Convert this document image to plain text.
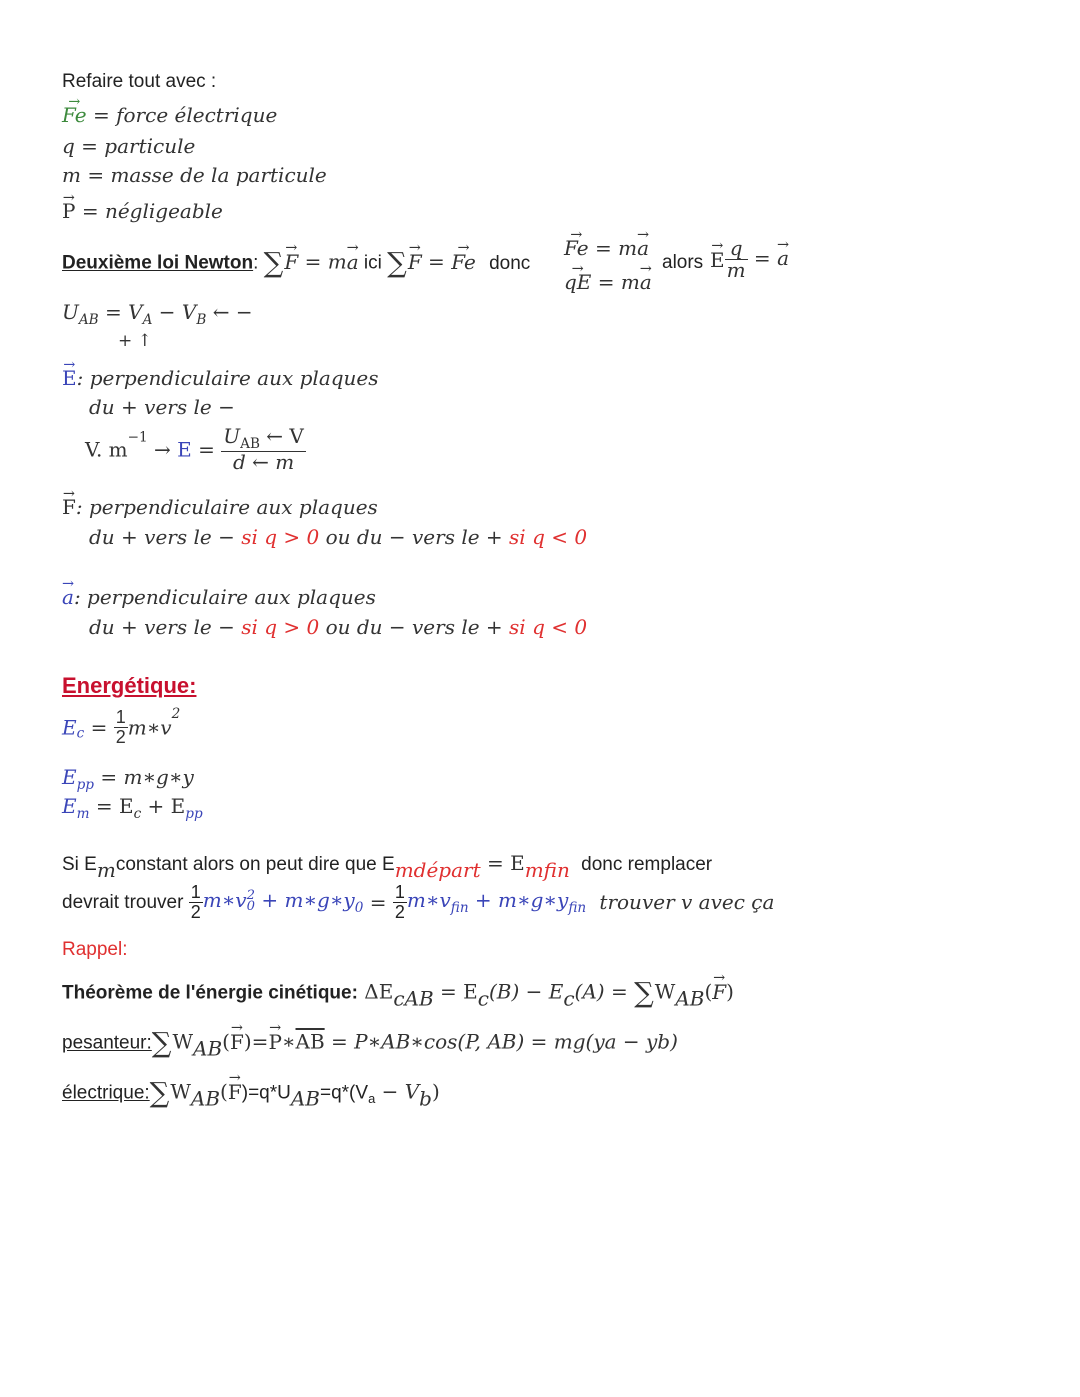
Refaire tout avec :
→ Fe = force électrique
q = particule
m = masse de la particule
→ P = négligeable
Deuxième loi Newton: ∑→ F = m→ a ici ∑→ F = → Fe donc
→ Fe = m→ a
→ qE = m→ a
alors → E $\frac{q}{m}$ = → a
$U_{AB} = V_A - V_B$ ← −
+ ↑
→ E: perpendiculaire aux plaques
du + vers le −
V. $m^{-1} \to E = \frac{U_{AB} \leftarrow V}{d \leftarrow m}$
→ F: perpendiculaire aux plaques
du + vers le − si q > 0 ou du − vers le + si q < 0
→ a: perpendiculaire aux plaques
du + vers le − si q > 0 ou du − vers le + si q < 0
Energétique:
$E_c = \frac{1}{2}$ $m∗v^2$
$E_{pp}$ = m∗g∗y
$E_m = E_c + E_{pp}$
Si $E_mconstant$ alors on peut dire que $E_{mdépart} = E_{mfin}$ donc remplacer
devrait trouver $\frac{1}{2}$ m∗v 2
$0 + m∗g∗y_0 = \frac{1}{2}$ $m∗v_{fin}$ + $m∗g∗y_{fin}$ trouver v avec ça
Rappel:
Théorème de l'énergie cinétique: $\Delta E_{cAB} = E_c(B) - E_c(A) = \sum W_{AB}(\to F)$
$pesanteur:\sum W_{AB}(\to F)=\to$ $P∗\overline{AB}$ = P∗AB∗cos(P, AB) = mg(ya − yb)
$électrique:\sum W_{AB}(\to F)=q*U_{AB}=q*(V_a - V_b)$
